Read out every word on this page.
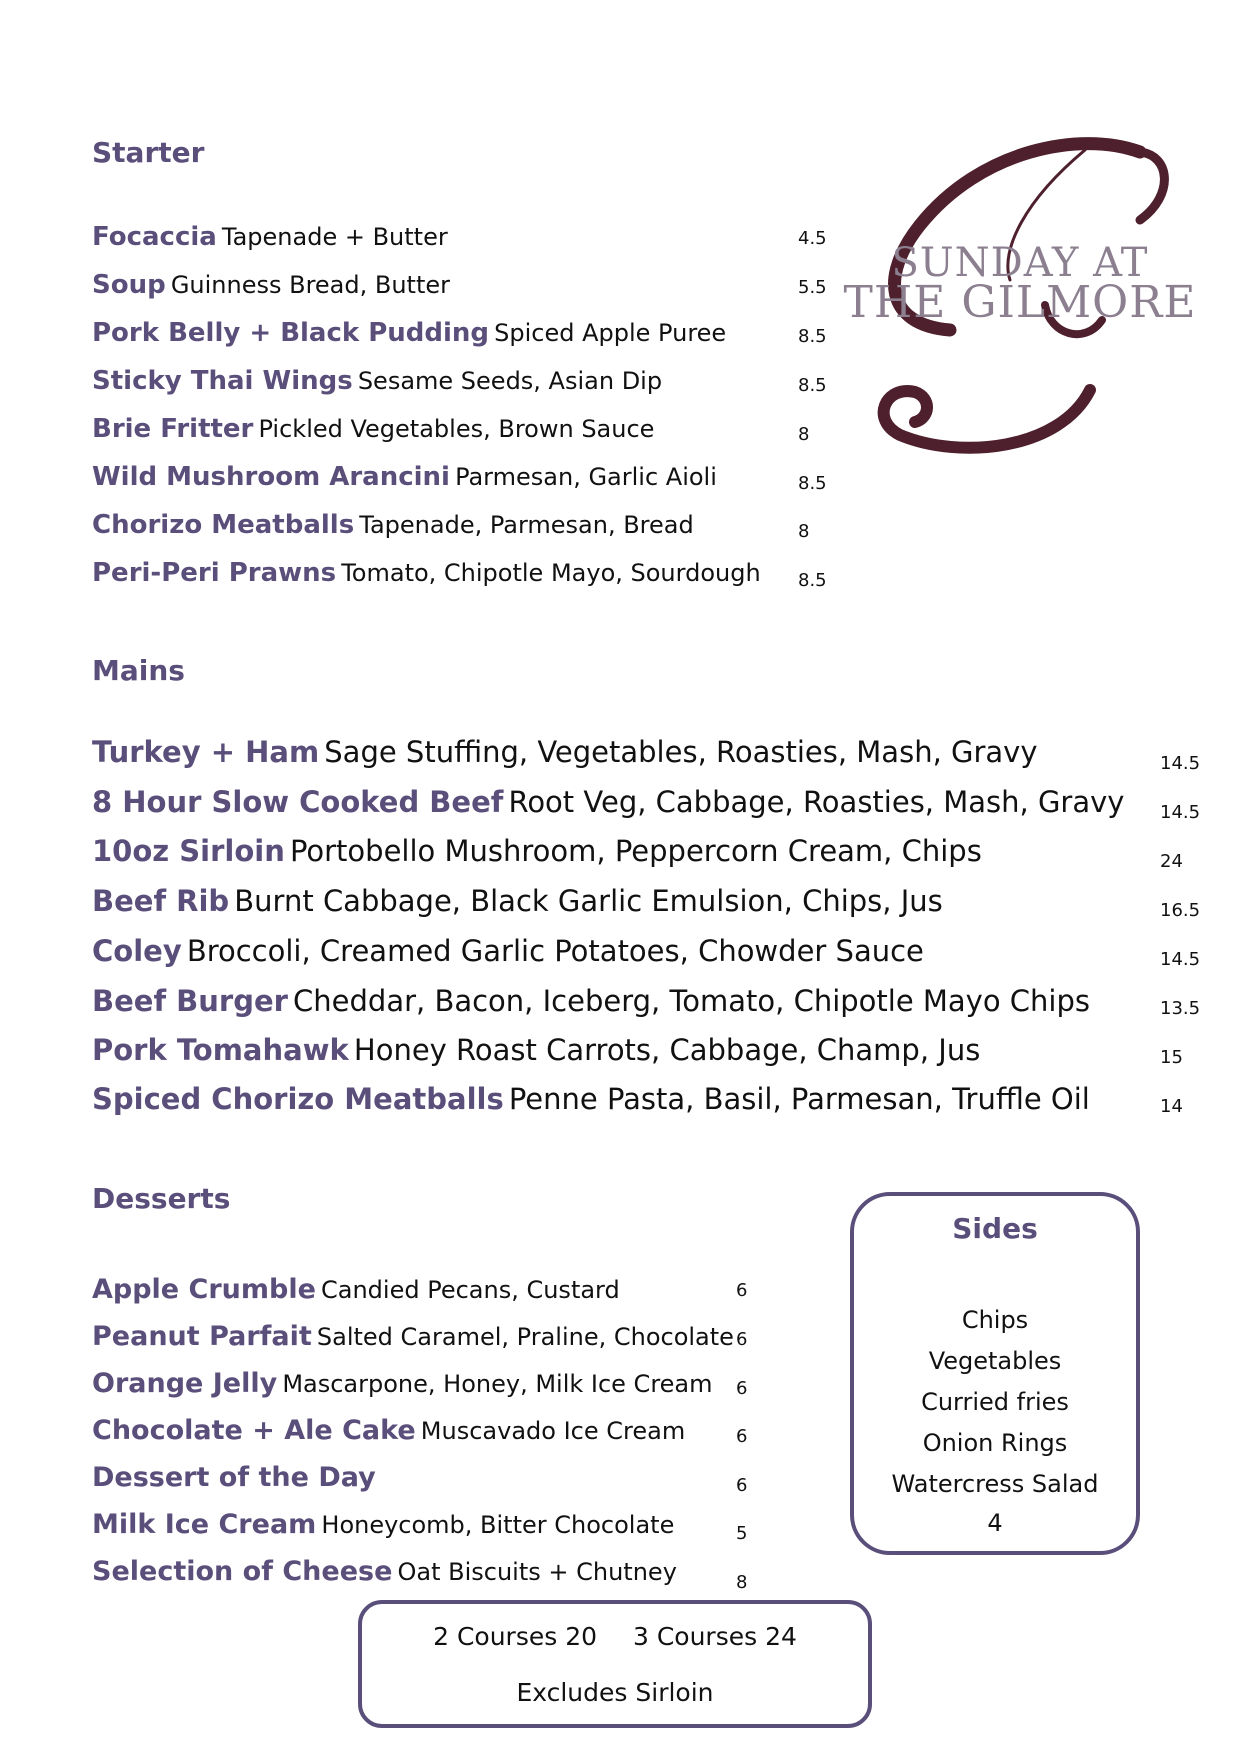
SUNDAY AT
THE GILMORE
Starter
Focaccia Tapenade + Butter	4.5
Soup Guinness Bread, Butter	5.5
Pork Belly + Black Pudding Spiced Apple Puree	8.5
Sticky Thai Wings Sesame Seeds, Asian Dip	8.5
Brie Fritter Pickled Vegetables, Brown Sauce	8
Wild Mushroom Arancini Parmesan, Garlic Aioli	8.5
Chorizo Meatballs Tapenade, Parmesan, Bread	8
Peri-Peri Prawns Tomato, Chipotle Mayo, Sourdough 8.5
Mains
Turkey + Ham Sage Stuffing, Vegetables, Roasties, Mash, Gravy	14.5
8 Hour Slow Cooked Beef Root Veg, Cabbage, Roasties, Mash, Gravy 14.5
10oz Sirloin Portobello Mushroom, Peppercorn Cream, Chips	24
Beef Rib Burnt Cabbage, Black Garlic Emulsion, Chips, Jus	16.5
Coley Broccoli, Creamed Garlic Potatoes, Chowder Sauce	14.5
Beef Burger Cheddar, Bacon, Iceberg, Tomato, Chipotle Mayo Chips	13.5
Pork Tomahawk Honey Roast Carrots, Cabbage, Champ, Jus	15
Spiced Chorizo Meatballs Penne Pasta, Basil, Parmesan, Truffle Oil	14
Desserts
Apple Crumble Candied Pecans, Custard	6
Peanut Parfait Salted Caramel, Praline, Chocolate 6
Orange Jelly Mascarpone, Honey, Milk Ice Cream 6
Chocolate + Ale Cake Muscavado Ice Cream	6
Dessert of the Day	6
Milk Ice Cream Honeycomb, Bitter Chocolate	5
Selection of Cheese Oat Biscuits + Chutney	8
Sides
Chips
Vegetables
Curried fries
Onion Rings
Watercress Salad
4
2 Courses 20 3 Courses 24
Excludes Sirloin
